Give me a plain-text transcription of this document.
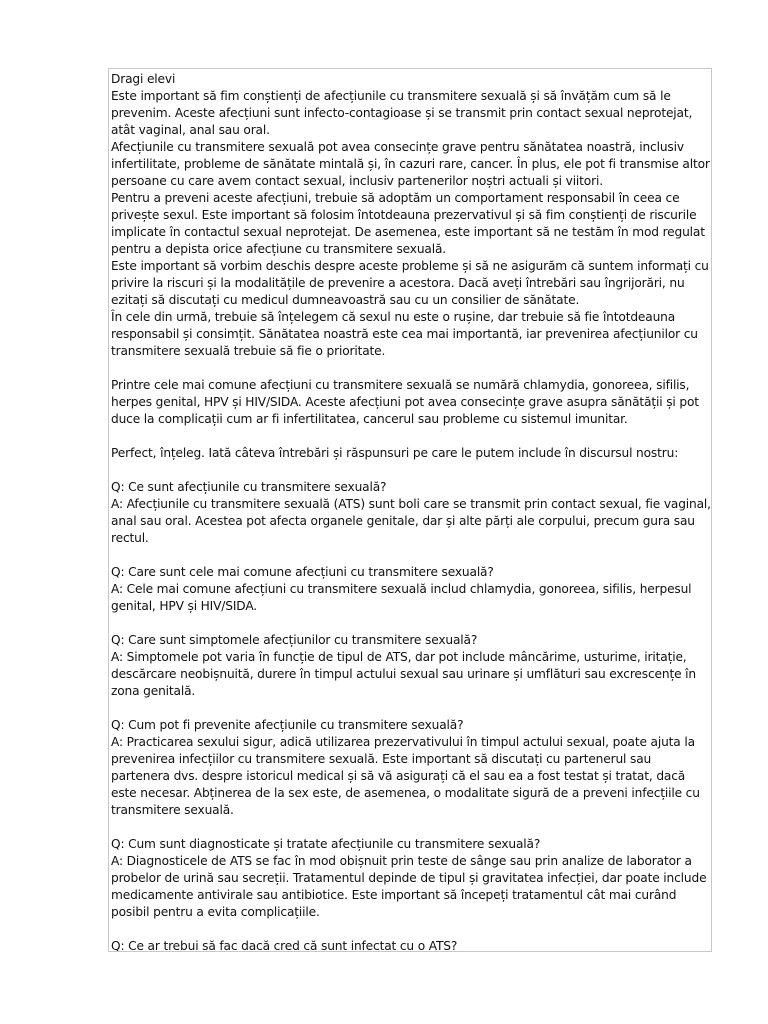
Dragi elevi

Este important să fim conștienți de afecțiunile cu transmitere sexuală și să învățăm cum să le prevenim. Aceste afecțiuni sunt infecto-contagioase și se transmit prin contact sexual neprotejat, atât vaginal, anal sau oral.

Afecțiunile cu transmitere sexuală pot avea consecințe grave pentru sănătatea noastră, inclusiv infertilitate, probleme de sănătate mintală și, în cazuri rare, cancer. În plus, ele pot fi transmise altor persoane cu care avem contact sexual, inclusiv partenerilor noștri actuali și viitori.

Pentru a preveni aceste afecțiuni, trebuie să adoptăm un comportament responsabil în ceea ce privește sexul. Este important să folosim întotdeauna prezervativul și să fim conștienți de riscurile implicate în contactul sexual neprotejat. De asemenea, este important să ne testăm în mod regulat pentru a depista orice afecțiune cu transmitere sexuală.

Este important să vorbim deschis despre aceste probleme și să ne asigurăm că suntem informați cu privire la riscuri și la modalitățile de prevenire a acestora. Dacă aveți întrebări sau îngrijorări, nu ezitați să discutați cu medicul dumneavoastră sau cu un consilier de sănătate.

În cele din urmă, trebuie să înțelegem că sexul nu este o rușine, dar trebuie să fie întotdeauna responsabil și consimțit. Sănătatea noastră este cea mai importantă, iar prevenirea afecțiunilor cu transmitere sexuală trebuie să fie o prioritate.

Printre cele mai comune afecțiuni cu transmitere sexuală se numără chlamydia, gonoreea, sifilis, herpes genital, HPV și HIV/SIDA. Aceste afecțiuni pot avea consecințe grave asupra sănătății și pot duce la complicații cum ar fi infertilitatea, cancerul sau probleme cu sistemul imunitar.

Perfect, înțeleg. Iată câteva întrebări și răspunsuri pe care le putem include în discursul nostru:

Q: Ce sunt afecțiunile cu transmitere sexuală?

A: Afecțiunile cu transmitere sexuală (ATS) sunt boli care se transmit prin contact sexual, fie vaginal, anal sau oral. Acestea pot afecta organele genitale, dar și alte părți ale corpului, precum gura sau rectul.

Q: Care sunt cele mai comune afecțiuni cu transmitere sexuală?

A: Cele mai comune afecțiuni cu transmitere sexuală includ chlamydia, gonoreea, sifilis, herpesul genital, HPV și HIV/SIDA.

Q: Care sunt simptomele afecțiunilor cu transmitere sexuală?

A: Simptomele pot varia în funcție de tipul de ATS, dar pot include mâncărime, usturime, iritație, descărcare neobișnuită, durere în timpul actului sexual sau urinare și umflături sau excrescențe în zona genitală.

Q: Cum pot fi prevenite afecțiunile cu transmitere sexuală?

A: Practicarea sexului sigur, adică utilizarea prezervativului în timpul actului sexual, poate ajuta la prevenirea infecțiilor cu transmitere sexuală. Este important să discutați cu partenerul sau partenera dvs. despre istoricul medical și să vă asigurați că el sau ea a fost testat și tratat, dacă este necesar. Abținerea de la sex este, de asemenea, o modalitate sigură de a preveni infecțiile cu transmitere sexuală.

Q: Cum sunt diagnosticate și tratate afecțiunile cu transmitere sexuală?

A: Diagnosticele de ATS se fac în mod obișnuit prin teste de sânge sau prin analize de laborator a probelor de urină sau secreții. Tratamentul depinde de tipul și gravitatea infecției, dar poate include medicamente antivirale sau antibiotice. Este important să începeți tratamentul cât mai curând posibil pentru a evita complicațiile.

Q: Ce ar trebui să fac dacă cred că sunt infectat cu o ATS?
